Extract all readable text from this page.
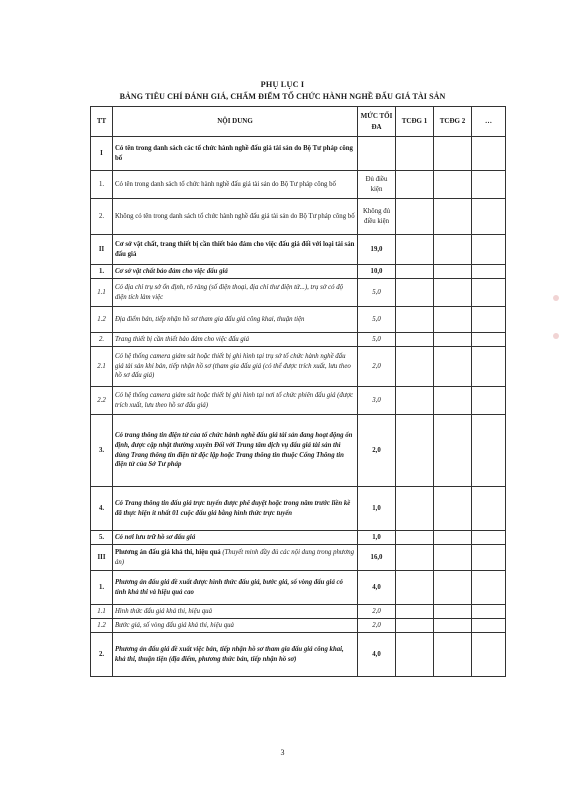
PHỤ LỤC I
BẢNG TIÊU CHÍ ĐÁNH GIÁ, CHẤM ĐIỂM TỔ CHỨC HÀNH NGHỀ ĐẤU GIÁ TÀI SẢN
TT	NỘI DUNG	MỨC TỐI ĐA	TCĐG 1	TCĐG 2	…
I	Có tên trong danh sách các tổ chức hành nghề đấu giá tài sản do Bộ Tư pháp công bố				
1.	Có tên trong danh sách tổ chức hành nghề đấu giá tài sản do Bộ Tư pháp công bố	Đủ điều kiện			
2.	Không có tên trong danh sách tổ chức hành nghề đấu giá tài sản do Bộ Tư pháp công bố	Không đủ điều kiện			
II	Cơ sở vật chất, trang thiết bị cần thiết bảo đảm cho việc đấu giá đối với loại tài sản đấu giá	19,0			
1.	Cơ sở vật chất bảo đảm cho việc đấu giá	10,0			
1.1	Có địa chỉ trụ sở ổn định, rõ ràng (số điện thoại, địa chỉ thư điện tử...), trụ sở có độ diện tích làm việc	5,0			
1.2	Địa điểm bán, tiếp nhận hồ sơ tham gia đấu giá công khai, thuận tiện	5,0			
2.	Trang thiết bị cần thiết bảo đảm cho việc đấu giá	5,0			
2.1	Có hệ thống camera giám sát hoặc thiết bị ghi hình tại trụ sở tổ chức hành nghề đấu giá tài sản khi bán, tiếp nhận hồ sơ (tham gia đấu giá (có thể được trích xuất, lưu theo hồ sơ đấu giá)	2,0			
2.2	Có hệ thống camera giám sát hoặc thiết bị ghi hình tại nơi tổ chức phiên đấu giá (được trích xuất, lưu theo hồ sơ đấu giá)	3,0			
3.	Có trang thông tin điện tử của tổ chức hành nghề đấu giá tài sản đang hoạt động ổn định, được cập nhật thường xuyên Đối với Trung tâm dịch vụ đấu giá tài sản thì dùng Trang thông tin điện tử độc lập hoặc Trang thông tin thuộc Cổng Thông tin điện tử của Sở Tư pháp	2,0			
4.	Có Trang thông tin đấu giá trực tuyến được phê duyệt hoặc trong năm trước liền kề đã thực hiện ít nhất 01 cuộc đấu giá bằng hình thức trực tuyến	1,0			
5.	Có nơi lưu trữ hồ sơ đấu giá	1,0			
III	Phương án đấu giá khả thi, hiệu quả (Thuyết minh đầy đủ các nội dung trong phương án)	16,0			
1.	Phương án đấu giá đề xuất được hình thức đấu giá, bước giá, số vòng đấu giá có tính khả thi và hiệu quả cao	4,0			
1.1	Hình thức đấu giá khả thi, hiệu quả	2,0			
1.2	Bước giá, số vòng đấu giá khả thi, hiệu quả	2,0			
2.	Phương án đấu giá đề xuất việc bán, tiếp nhận hồ sơ tham gia đấu giá công khai, khả thi, thuận tiện (địa điểm, phương thức bán, tiếp nhận hồ sơ)	4,0			
3
